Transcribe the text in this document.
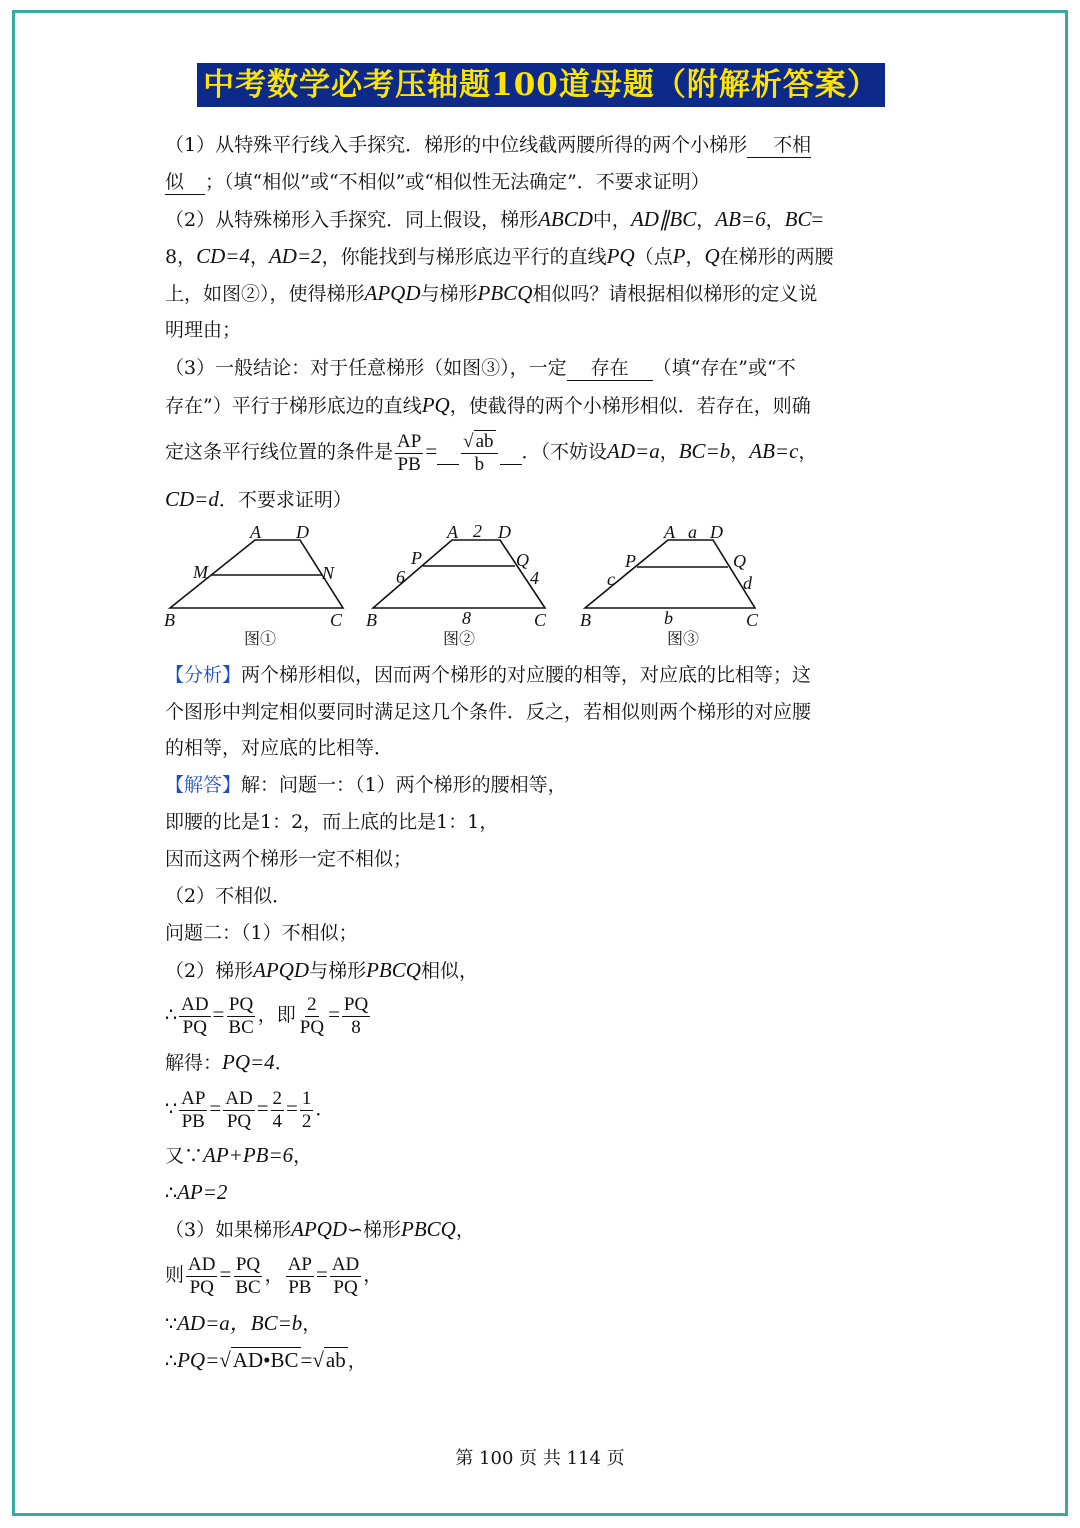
中考数学必考压轴题100道母题（附解析答案）
（1）从特殊平行线入手探究．梯形的中位线截两腰所得的两个小梯形 不相
似 ；（填“相似”或“不相似”或“相似性无法确定”．不要求证明）
（2）从特殊梯形入手探究．同上假设，梯形ABCD中，AD∥BC，AB=6，BC=
8，CD=4，AD=2，你能找到与梯形底边平行的直线PQ（点P，Q在梯形的两腰
上，如图②），使得梯形APQD与梯形PBCQ相似吗？请根据相似梯形的定义说
明理由；
（3）一般结论：对于任意梯形（如图③），一定 存在 （填“存在”或“不
存在”）平行于梯形底边的直线PQ，使截得的两个小梯形相似．若存在，则确
定这条平行线位置的条件是 $\frac{AP}{PB} = \frac{√ ab}{b}$ ．（不妨设AD=a，BC=b，AB=c，
CD=d．不要求证明）
A D
M	N
B	C
图①
A 2 D
P	Q
6	4
B	8	C
图②
A a D
P	Q
c	d
B	b	C
图③
【分析】两个梯形相似，因而两个梯形的对应腰的相等，对应底的比相等；这
个图形中判定相似要同时满足这几个条件．反之，若相似则两个梯形的对应腰
的相等，对应底的比相等．
【解答】解：问题一：（1）两个梯形的腰相等，
即腰的比是1：2，而上底的比是1：1，
因而这两个梯形一定不相似；
（2）不相似．
问题二：（1）不相似；
（2）梯形APQD与梯形PBCQ相似，
∴ $\frac{AD}{PQ} = \frac{PQ}{BC}$ ，即 $\frac{2}{PQ} = \frac{PQ}{8}$
解得：PQ=4．
∵ $\frac{AP}{PB} = \frac{AD}{PQ} = \frac{2}{4} = \frac{1}{2}$ ．
又∵AP+PB=6，
∴AP=2
（3）如果梯形APQD∽梯形PBCQ，
则 $\frac{AD}{PQ} = \frac{PQ}{BC}$ ， $\frac{AP}{PB} = \frac{AD}{PQ}$ ，
∵AD=a，BC=b，
∴PQ=√AD•BC=√ab ，
第 100 页 共 114 页
